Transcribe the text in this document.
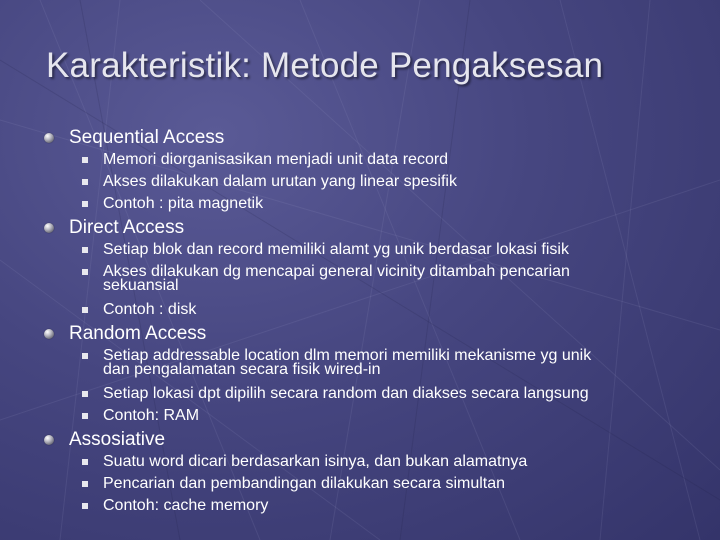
Karakteristik: Metode Pengaksesan
Sequential Access
Memori diorganisasikan menjadi unit data record
Akses dilakukan dalam urutan yang linear spesifik
Contoh : pita magnetik
Direct Access
Setiap blok dan record memiliki alamt yg unik berdasar lokasi fisik
Akses dilakukan dg mencapai general vicinity ditambah pencarian
sekuansial
Contoh : disk
Random Access
Setiap addressable location dlm memori memiliki mekanisme yg unik
dan pengalamatan secara fisik wired-in
Setiap lokasi dpt dipilih secara random dan diakses secara langsung
Contoh: RAM
Assosiative
Suatu word dicari berdasarkan isinya, dan bukan alamatnya
Pencarian dan pembandingan dilakukan secara simultan
Contoh: cache memory
